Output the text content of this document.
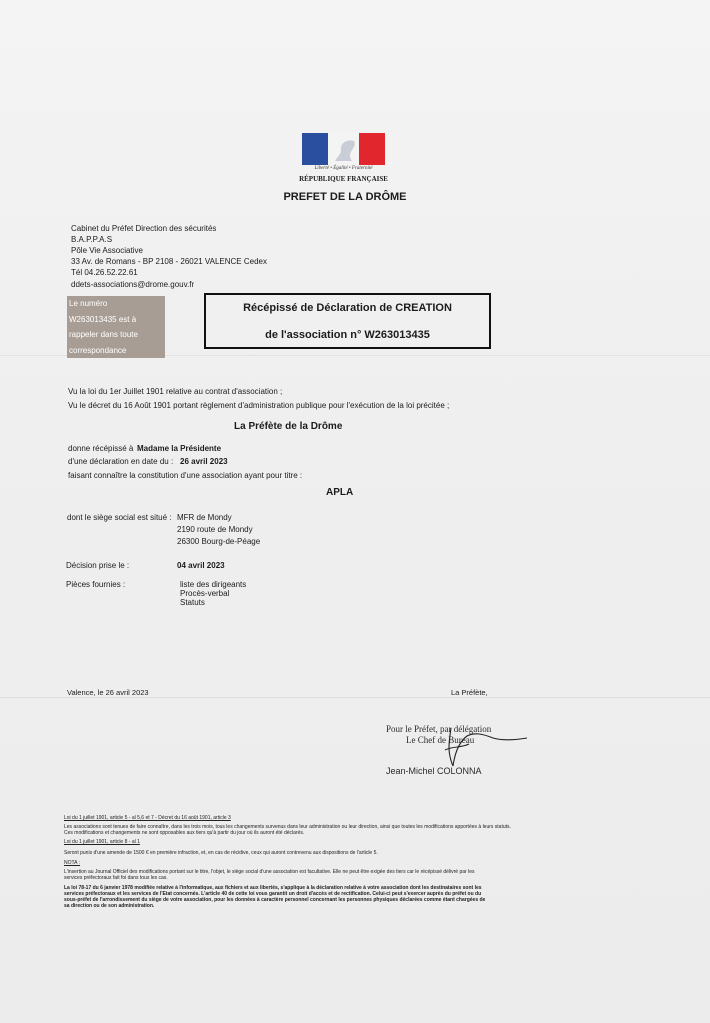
Liberté • Égalité • Fraternité
RÉPUBLIQUE FRANÇAISE
PREFET DE LA DRÔME
Cabinet du Préfet Direction des sécurités
B.A.P.P.A.S
Pôle Vie Associative
33 Av. de Romans - BP 2108 - 26021 VALENCE Cedex
Tél 04.26.52.22.61
ddets-associations@drome.gouv.fr
Le numéro
W263013435 est à
rappeler dans toute
correspondance
Récépissé de Déclaration de CREATION
de l'association n° W263013435
Vu la loi du 1er Juillet 1901 relative au contrat d'association ;
Vu le décret du 16 Août 1901 portant règlement d'administration publique pour l'exécution de la loi précitée ;
La Préfète de la Drôme
donne récépissé à Madame la Présidente
d'une déclaration en date du : 26 avril 2023
faisant connaître la constitution d'une association ayant pour titre :
APLA
dont le siège social est situé : MFR de Mondy
2190 route de Mondy
26300 Bourg-de-Péage
Décision prise le :	04 avril 2023
Pièces fournies :	liste des dirigeants
Procès-verbal
Statuts
Valence, le 26 avril 2023	La Préfète,
Pour le Préfet, par délégation
Le Chef de Bureau
Jean-Michel COLONNA
Loi du 1 juillet 1901, article 5 - al 5,6 et 7 - Décret du 16 août 1901, article 3
Les associations sont tenues de faire connaître, dans les trois mois, tous les changements survenus dans leur administration ou leur direction, ainsi que toutes les modifications apportées à leurs statuts.
Ces modifications et changements ne sont opposables aux tiers qu'à partir du jour où ils auront été déclarés.
Loi du 1 juillet 1901, article 8 - al 1
Seront punis d'une amende de 1500 € en première infraction, et, en cas de récidive, ceux qui auront contrevenu aux dispositions de l'article 5.
NOTA :
L'insertion au Journal Officiel des modifications portant sur le titre, l'objet, le siège social d'une association est facultative. Elle ne peut être exigée des tiers car le récépissé délivré par les
services préfectoraux fait foi dans tous les cas.
La loi 78-17 du 6 janvier 1978 modifiée relative à l'informatique, aux fichiers et aux libertés, s'applique à la déclaration relative à votre association dont les destinataires sont les
services préfectoraux et les services de l'Etat concernés. L'article 40 de cette loi vous garantit un droit d'accès et de rectification. Celui-ci peut s'exercer auprès du préfet ou du
sous-préfet de l'arrondissement du siège de votre association, pour les données à caractère personnel concernant les personnes physiques déclarées comme étant chargées de
sa direction ou de son administration.
